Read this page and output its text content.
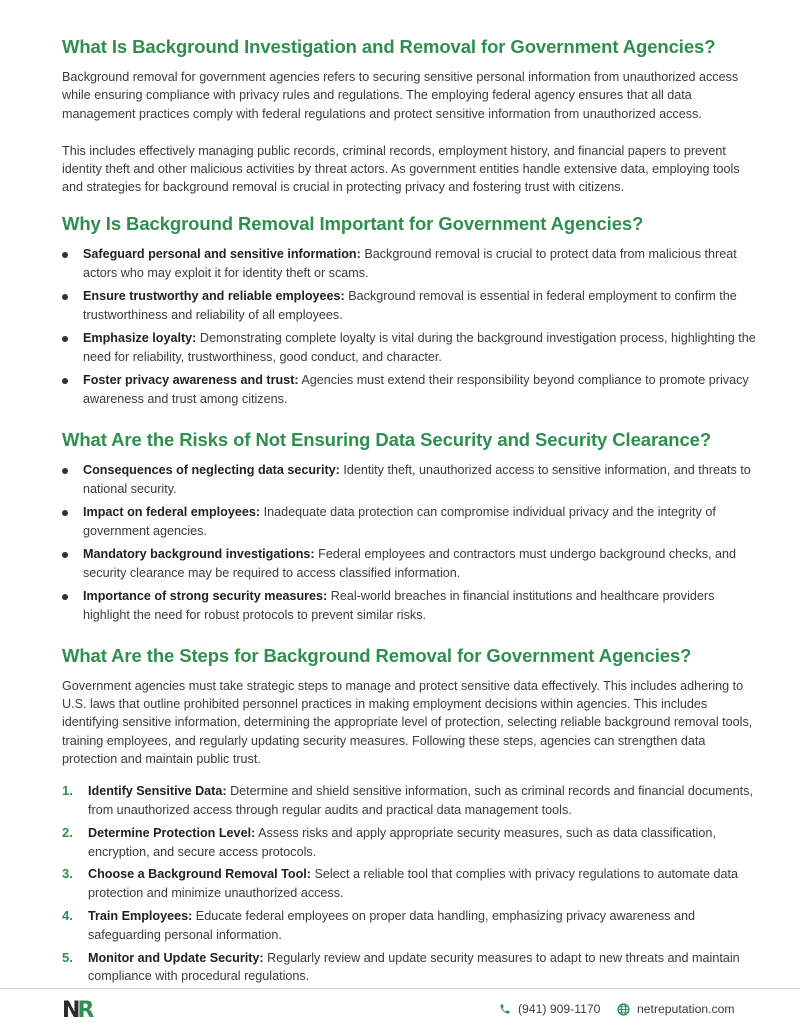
What Is Background Investigation and Removal for Government Agencies?

Background removal for government agencies refers to securing sensitive personal information from unauthorized access while ensuring compliance with privacy rules and regulations. The employing federal agency ensures that all data management practices comply with federal regulations and protect sensitive information from unauthorized access.

This includes effectively managing public records, criminal records, employment history, and financial papers to prevent identity theft and other malicious activities by threat actors. As government entities handle extensive data, employing tools and strategies for background removal is crucial in protecting privacy and fostering trust with citizens.

Why Is Background Removal Important for Government Agencies?
Safeguard personal and sensitive information: Background removal is crucial to protect data from malicious threat actors who may exploit it for identity theft or scams.
Ensure trustworthy and reliable employees: Background removal is essential in federal employment to confirm the trustworthiness and reliability of all employees.
Emphasize loyalty: Demonstrating complete loyalty is vital during the background investigation process, highlighting the need for reliability, trustworthiness, good conduct, and character.
Foster privacy awareness and trust: Agencies must extend their responsibility beyond compliance to promote privacy awareness and trust among citizens.
What Are the Risks of Not Ensuring Data Security and Security Clearance?
Consequences of neglecting data security: Identity theft, unauthorized access to sensitive information, and threats to national security.
Impact on federal employees: Inadequate data protection can compromise individual privacy and the integrity of government agencies.
Mandatory background investigations: Federal employees and contractors must undergo background checks, and security clearance may be required to access classified information.
Importance of strong security measures: Real-world breaches in financial institutions and healthcare providers highlight the need for robust protocols to prevent similar risks.
What Are the Steps for Background Removal for Government Agencies?

Government agencies must take strategic steps to manage and protect sensitive data effectively. This includes adhering to U.S. laws that outline prohibited personnel practices in making employment decisions within agencies. This includes identifying sensitive information, determining the appropriate level of protection, selecting reliable background removal tools, training employees, and regularly updating security measures. Following these steps, agencies can strengthen data protection and maintain public trust.

1. Identify Sensitive Data: Determine and shield sensitive information, such as criminal records and financial documents, from unauthorized access through regular audits and practical data management tools.
2. Determine Protection Level: Assess risks and apply appropriate security measures, such as data classification, encryption, and secure access protocols.
3. Choose a Background Removal Tool: Select a reliable tool that complies with privacy regulations to automate data protection and minimize unauthorized access.
4. Train Employees: Educate federal employees on proper data handling, emphasizing privacy awareness and safeguarding personal information.
5. Monitor and Update Security: Regularly review and update security measures to adapt to new threats and maintain compliance with procedural regulations.
NR	(941) 909-1170	netreputation.com
